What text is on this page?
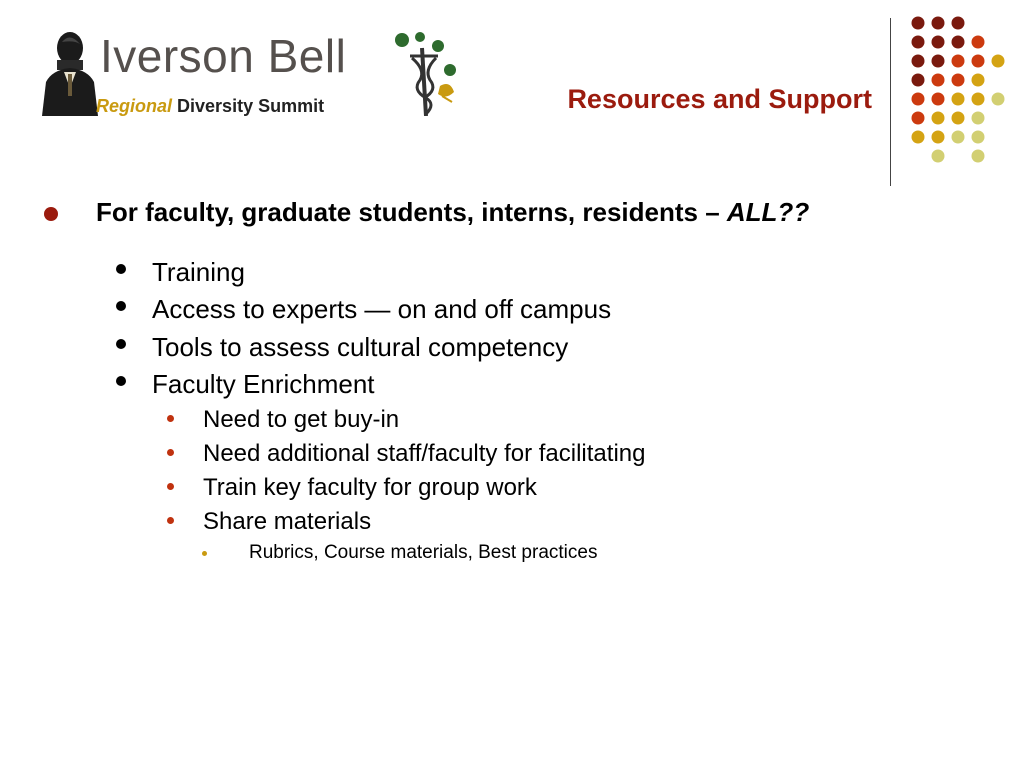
Iverson Bell
Regional Diversity Summit	Resources and Support
For faculty, graduate students, interns, residents – ALL??
Training
Access to experts — on and off campus
Tools to assess cultural competency
Faculty Enrichment
Need to get buy-in
Need additional staff/faculty for facilitating
Train key faculty for group work
Share materials
Rubrics, Course materials, Best practices
